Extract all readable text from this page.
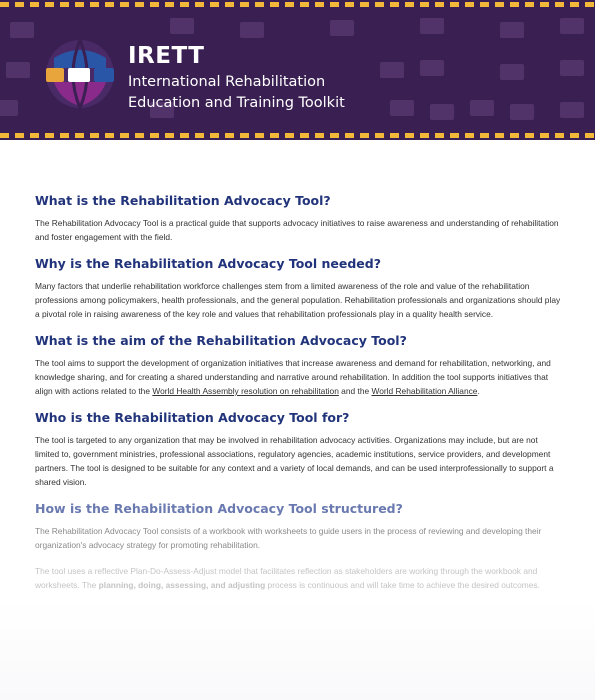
IRETT
International Rehabilitation
Education and Training Toolkit
What is the Rehabilitation Advocacy Tool?

The Rehabilitation Advocacy Tool is a practical guide that supports advocacy initiatives to raise awareness and understanding of rehabilitation and foster engagement with the field.

Why is the Rehabilitation Advocacy Tool needed?

Many factors that underlie rehabilitation workforce challenges stem from a limited awareness of the role and value of the rehabilitation professions among policymakers, health professionals, and the general population. Rehabilitation professionals and organizations should play a pivotal role in raising awareness of the key role and values that rehabilitation professionals play in a quality health service.

What is the aim of the Rehabilitation Advocacy Tool?

The tool aims to support the development of organization initiatives that increase awareness and demand for rehabilitation, networking, and knowledge sharing, and for creating a shared understanding and narrative around rehabilitation. In addition the tool supports initiatives that align with actions related to the World Health Assembly resolution on rehabilitation and the World Rehabilitation Alliance.

Who is the Rehabilitation Advocacy Tool for?

The tool is targeted to any organization that may be involved in rehabilitation advocacy activities. Organizations may include, but are not limited to, government ministries, professional associations, regulatory agencies, academic institutions, service providers, and development partners. The tool is designed to be suitable for any context and a variety of local demands, and can be used interprofessionally to support a shared vision.

How is the Rehabilitation Advocacy Tool structured?

The Rehabilitation Advocacy Tool consists of a workbook with worksheets to guide users in the process of reviewing and developing their organization's advocacy strategy for promoting rehabilitation.

The tool uses a reflective Plan-Do-Assess-Adjust model that facilitates reflection as stakeholders are working through the workbook and worksheets. The planning, doing, assessing, and adjusting process is continuous and will take time to achieve the desired outcomes.
